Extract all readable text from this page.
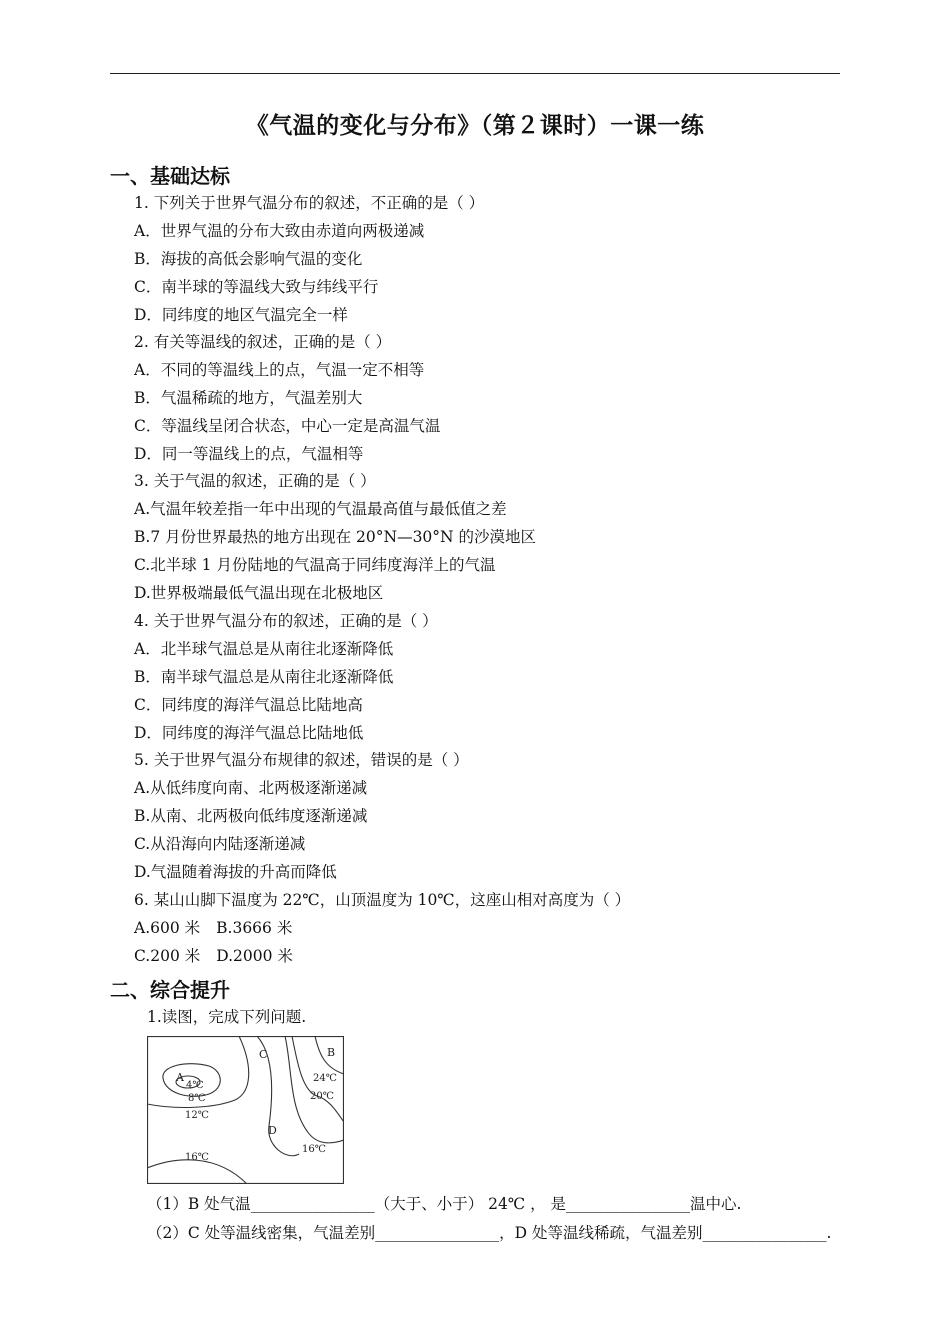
《气温的变化与分布》（第２课时）一课一练
一、基础达标
1. 下列关于世界气温分布的叙述，不正确的是（ ）
A．世界气温的分布大致由赤道向两极递减
B．海拔的高低会影响气温的变化
C．南半球的等温线大致与纬线平行
D．同纬度的地区气温完全一样
2. 有关等温线的叙述，正确的是（ ）
A．不同的等温线上的点，气温一定不相等
B．气温稀疏的地方，气温差别大
C．等温线呈闭合状态，中心一定是高温气温
D．同一等温线上的点，气温相等
3. 关于气温的叙述，正确的是（ ）
A.气温年较差指一年中出现的气温最高值与最低值之差
B.7 月份世界最热的地方出现在 20°N—30°N 的沙漠地区
C.北半球 1 月份陆地的气温高于同纬度海洋上的气温
D.世界极端最低气温出现在北极地区
4. 关于世界气温分布的叙述，正确的是（ ）
A．北半球气温总是从南往北逐渐降低
B．南半球气温总是从南往北逐渐降低
C．同纬度的海洋气温总比陆地高
D．同纬度的海洋气温总比陆地低
5. 关于世界气温分布规律的叙述，错误的是（ ）
A.从低纬度向南、北两极逐渐递减
B.从南、北两极向低纬度逐渐递减
C.从沿海向内陆逐渐递减
D.气温随着海拔的升高而降低
6. 某山山脚下温度为 22℃，山顶温度为 10℃，这座山相对高度为（ ）
A.600 米 B.3666 米
C.200 米 D.2000 米
二、综合提升
1.读图，完成下列问题.
A
4℃
8℃
12℃
C	B
24℃
20℃
D
16℃
16℃
（1）B 处气温________________（大于、小于） 24℃ ， 是________________温中心.
（2）C 处等温线密集，气温差别________________，D 处等温线稀疏，气温差别________________.
